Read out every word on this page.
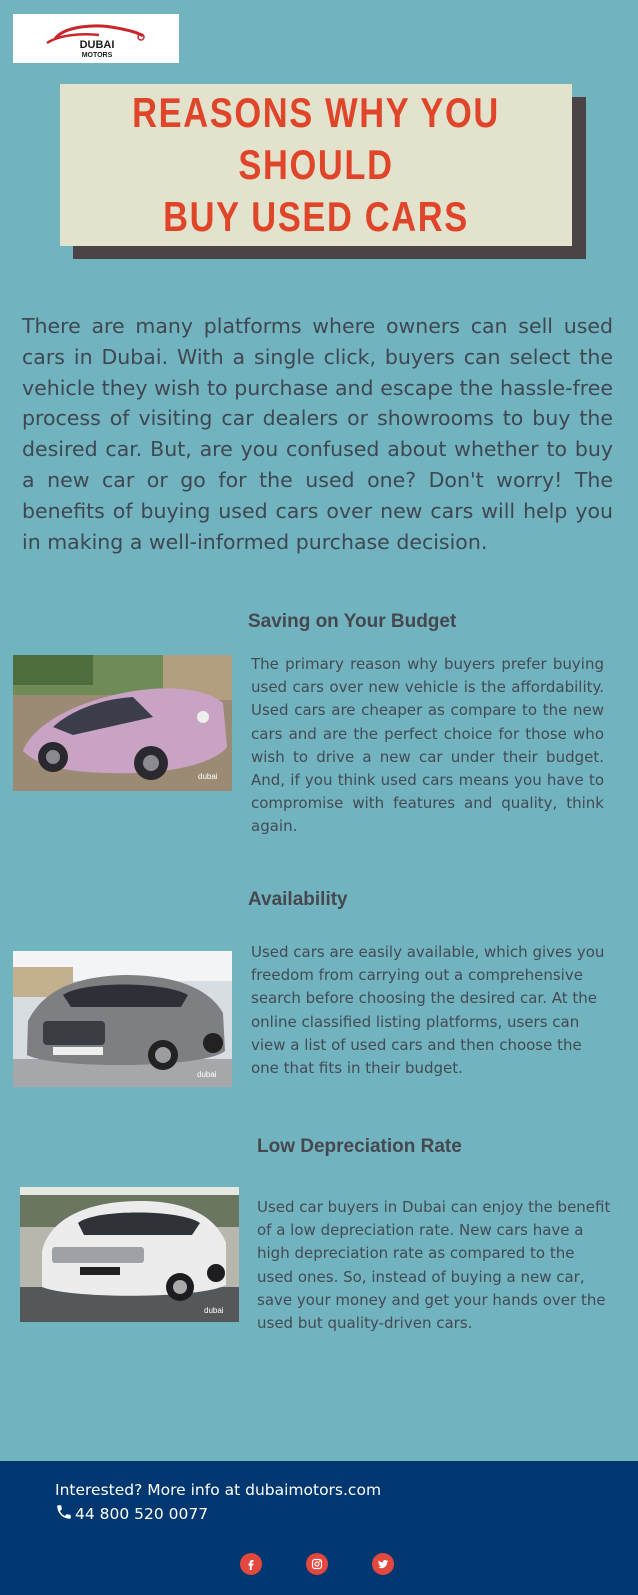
DUBAI
MOTORS
REASONS WHY YOU SHOULD
BUY USED CARS

There are many platforms where owners can sell used cars in Dubai. With a single click, buyers can select the vehicle they wish to purchase and escape the hassle-free process of visiting car dealers or showrooms to buy the desired car. But, are you confused about whether to buy a new car or go for the used one? Don't worry! The benefits of buying used cars over new cars will help you in making a well-informed purchase decision.

Saving on Your Budget
dubai

The primary reason why buyers prefer buying used cars over new vehicle is the affordability. Used cars are cheaper as compare to the new cars and are the perfect choice for those who wish to drive a new car under their budget. And, if you think used cars means you have to compromise with features and quality, think again.

Availability
dubai

Used cars are easily available, which gives you freedom from carrying out a comprehensive search before choosing the desired car. At the online classified listing platforms, users can view a list of used cars and then choose the one that fits in their budget.

Low Depreciation Rate
dubai

Used car buyers in Dubai can enjoy the benefit of a low depreciation rate. New cars have a high depreciation rate as compared to the used ones. So, instead of buying a new car, save your money and get your hands over the used but quality-driven cars.

Interested? More info at dubaimotors.com
44 800 520 0077
